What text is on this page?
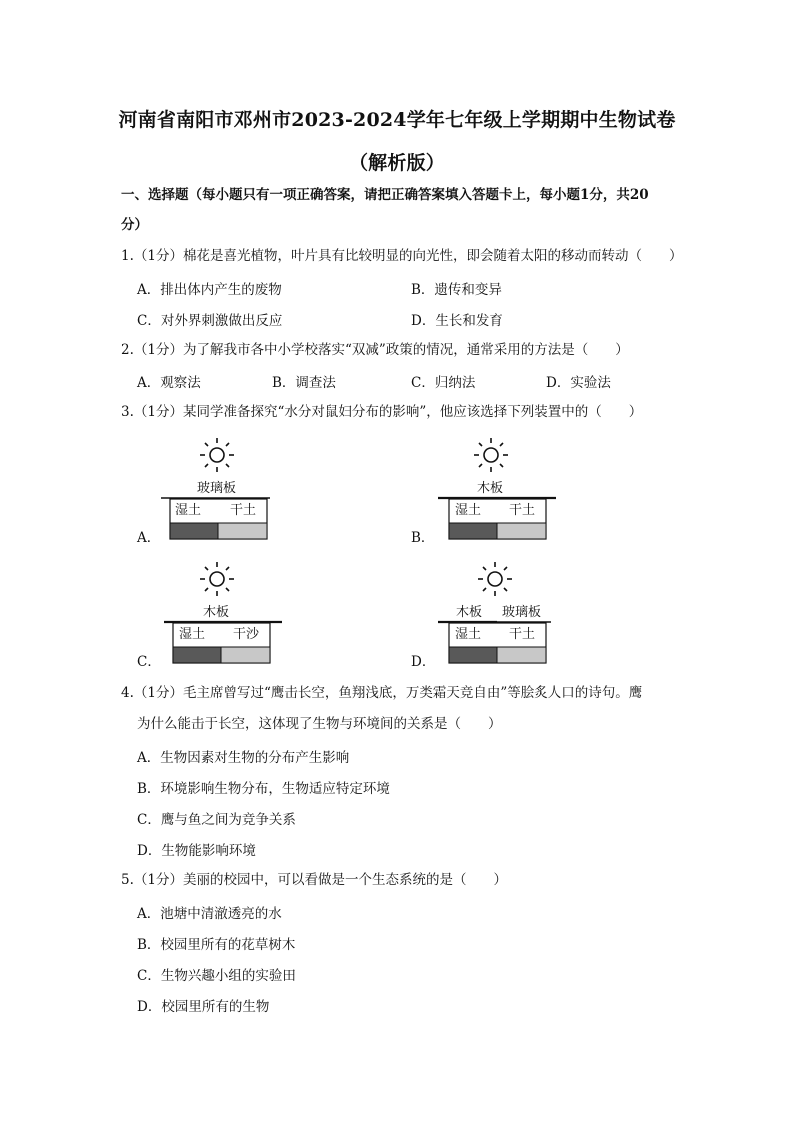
河南省南阳市邓州市2023-2024学年七年级上学期期中生物试卷
（解析版）
一、选择题（每小题只有一项正确答案，请把正确答案填入答题卡上，每小题1分，共20
分）
1.（1分）棉花是喜光植物，叶片具有比较明显的向光性，即会随着太阳的移动而转动（　　）
A．排出体内产生的废物	B．遗传和变异
C．对外界刺激做出反应	D．生长和发育
2.（1分）为了解我市各中小学校落实“双减”政策的情况，通常采用的方法是（　　）
A．观察法	B．调查法	C．归纳法	D．实验法
3.（1分）某同学准备探究“水分对鼠妇分布的影响”，他应该选择下列装置中的（　　）
玻璃板
湿土 干土
A．
木板
湿土 干土
B．
木板
湿土 干沙
C．
木板 玻璃板
湿土 干土
D．
4.（1分）毛主席曾写过“鹰击长空，鱼翔浅底，万类霜天竞自由”等脍炙人口的诗句。鹰
为什么能击于长空，这体现了生物与环境间的关系是（　　）
A．生物因素对生物的分布产生影响
B．环境影响生物分布，生物适应特定环境
C．鹰与鱼之间为竞争关系
D．生物能影响环境
5.（1分）美丽的校园中，可以看做是一个生态系统的是（　　）
A．池塘中清澈透亮的水
B．校园里所有的花草树木
C．生物兴趣小组的实验田
D．校园里所有的生物
